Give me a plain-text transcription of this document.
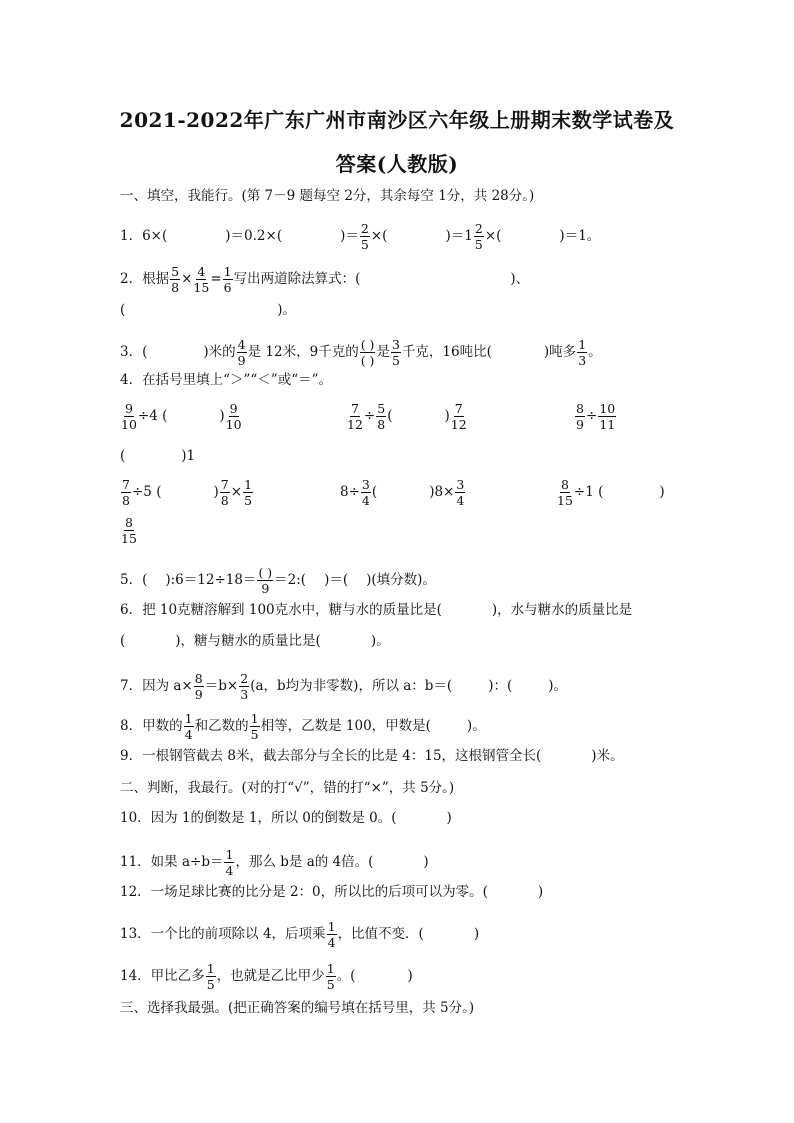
2021-2022年广东广州市南沙区六年级上册期末数学试卷及
答案(人教版)
一、填空，我能行。(第 7－9 题每空 2分，其余每空 1分，共 28分。)
1．6×(	)＝0.2×(	)＝ $\frac{2}{5}$ ×(	)$=1 \frac{2}{5}$ ×(	)＝1。
2．根据 $\frac{5}{8} \times \frac{4}{15} = \frac{1}{6}$ 写出两道除法算式：(	)、
(	)。
3．(	)米的 $\frac{4}{9}$ 是 12米，9千克的 ( )
( )
是 $\frac{3}{5}$ 千克，16吨比(	)吨多 $\frac{1}{3}$ 。
4．在括号里填上“＞”“＜”或“＝”。
$\frac{9}{10} \div 4$ (	) $\frac{9}{10}$	$\frac{7}{12} \div \frac{5}{8}$ (	) $\frac{7}{12}$	$\frac{8}{9} \div \frac{10}{11}$
(	)1
$\frac{7}{8} \div 5$ (	) $\frac{7}{8} \times \frac{1}{5}$	$8\div \frac{3}{4}$ (	)$8\times \frac{3}{4}$	$\frac{8}{15} \div 1$ (	)
$\frac{8}{15}$
5．( ):6＝12÷18＝ ( )
9
＝2:( )＝( )(填分数)。
6．把 10克糖溶解到 100克水中，糖与水的质量比是(	)，水与糖水的质量比是
(	)，糖与糖水的质量比是(	)。
7．因为 $a\times \frac{8}{9} =b\times \frac{2}{3} (a$，b均为非零数)，所以 a：b＝(	)：(	)。
8．甲数的 $\frac{1}{4}$ 和乙数的 $\frac{1}{5}$ 相等，乙数是 100，甲数是(	)。
9．一根钢管截去 8米，截去部分与全长的比是 4：15，这根钢管全长(	)米。
二、判断，我最行。(对的打“√”，错的打“×”，共 5分。)
10．因为 1的倒数是 1，所以 0的倒数是 0。(	)
11．如果 $a\div b= \frac{1}{4}$ ，那么 b是 a的 4倍。(	)
12．一场足球比赛的比分是 2：0，所以比的后项可以为零。(	)
13．一个比的前项除以 4，后项乘 $\frac{1}{4}$ ，比值不变．(	)
14．甲比乙多 $\frac{1}{5}$ ，也就是乙比甲少 $\frac{1}{5}$ 。(	)
三、选择我最强。(把正确答案的编号填在括号里，共 5分。)
